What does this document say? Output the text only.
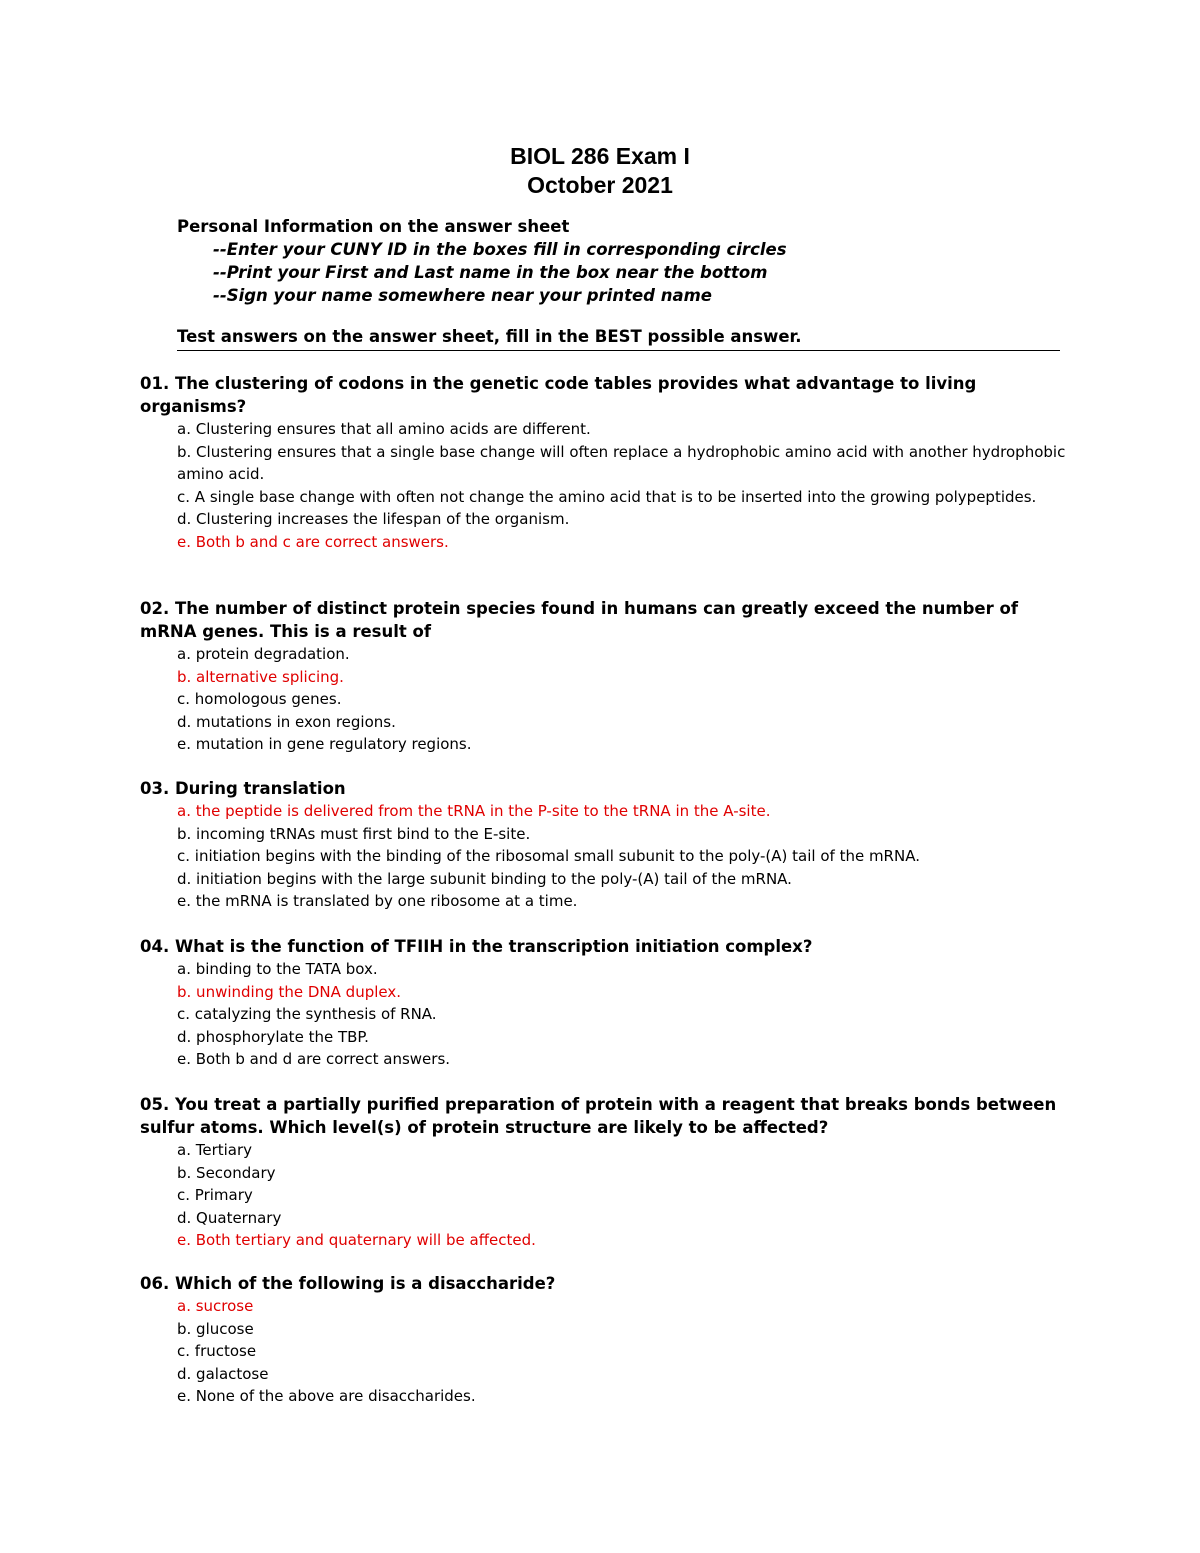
BIOL 286 Exam I
October 2021
Personal Information on the answer sheet
--Enter your CUNY ID in the boxes fill in corresponding circles
--Print your First and Last name in the box near the bottom
--Sign your name somewhere near your printed name
Test answers on the answer sheet, fill in the BEST possible answer.

01. The clustering of codons in the genetic code tables provides what advantage to living organisms?

a. Clustering ensures that all amino acids are different.
b. Clustering ensures that a single base change will often replace a hydrophobic amino acid with another hydrophobic amino acid.
c. A single base change with often not change the amino acid that is to be inserted into the growing polypeptides.
d. Clustering increases the lifespan of the organism.
e. Both b and c are correct answers.

02. The number of distinct protein species found in humans can greatly exceed the number of mRNA genes. This is a result of

a. protein degradation.
b. alternative splicing.
c. homologous genes.
d. mutations in exon regions.
e. mutation in gene regulatory regions.

03. During translation

a. the peptide is delivered from the tRNA in the P-site to the tRNA in the A-site.
b. incoming tRNAs must first bind to the E-site.
c. initiation begins with the binding of the ribosomal small subunit to the poly-(A) tail of the mRNA.
d. initiation begins with the large subunit binding to the poly-(A) tail of the mRNA.
e. the mRNA is translated by one ribosome at a time.

04. What is the function of TFIIH in the transcription initiation complex?

a. binding to the TATA box.
b. unwinding the DNA duplex.
c. catalyzing the synthesis of RNA.
d. phosphorylate the TBP.
e. Both b and d are correct answers.

05. You treat a partially purified preparation of protein with a reagent that breaks bonds between sulfur atoms. Which level(s) of protein structure are likely to be affected?

a. Tertiary
b. Secondary
c. Primary
d. Quaternary
e. Both tertiary and quaternary will be affected.

06. Which of the following is a disaccharide?

a. sucrose
b. glucose
c. fructose
d. galactose
e. None of the above are disaccharides.
